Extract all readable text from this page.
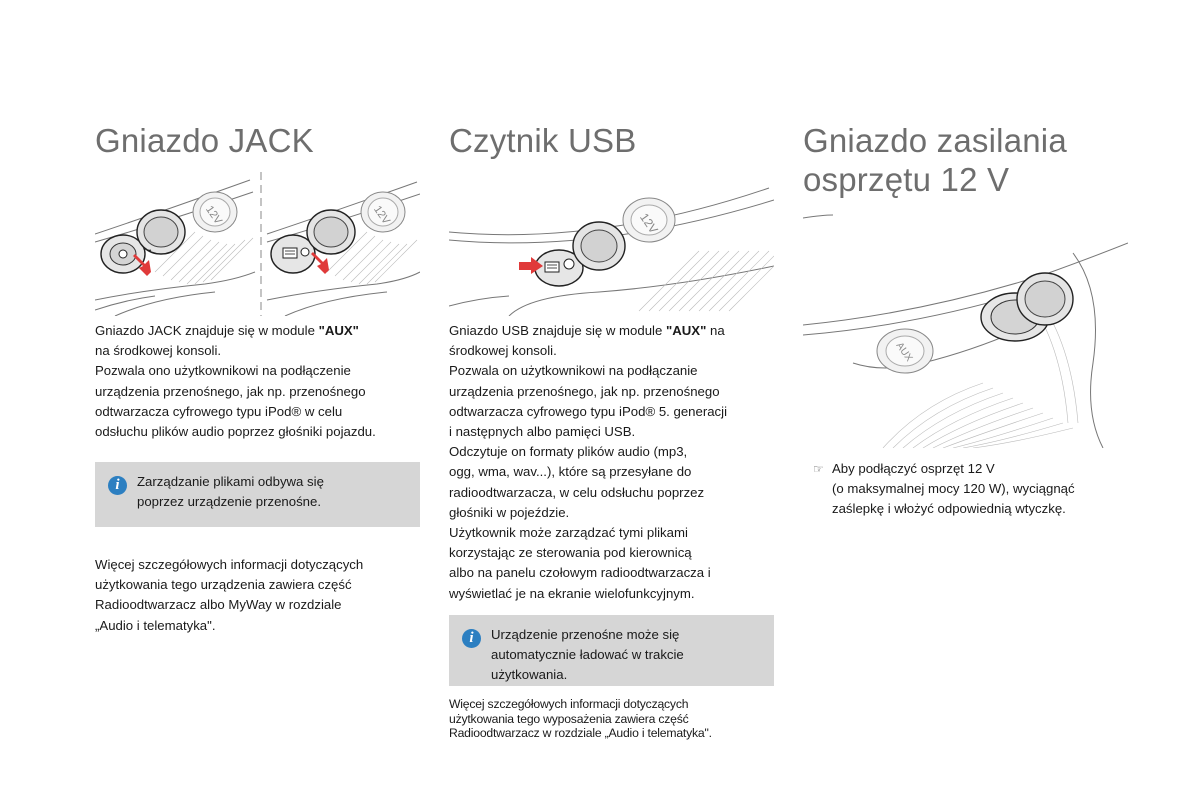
Gniazdo JACK
12V	12V
Gniazdo JACK znajduje się w module "AUX"
na środkowej konsoli.
Pozwala ono użytkownikowi na podłączenie
urządzenia przenośnego, jak np. przenośnego
odtwarzacza cyfrowego typu iPod® w celu
odsłuchu plików audio poprzez głośniki pojazdu.
i	Zarządzanie plikami odbywa się
poprzez urządzenie przenośne.
Więcej szczegółowych informacji dotyczących
użytkowania tego urządzenia zawiera część
Radioodtwarzacz albo MyWay w rozdziale
„Audio i telematyka".
Czytnik USB
12V
Gniazdo USB znajduje się w module "AUX" na
środkowej konsoli.
Pozwala on użytkownikowi na podłączanie
urządzenia przenośnego, jak np. przenośnego
odtwarzacza cyfrowego typu iPod® 5. generacji
i następnych albo pamięci USB.
Odczytuje on formaty plików audio (mp3,
ogg, wma, wav...), które są przesyłane do
radioodtwarzacza, w celu odsłuchu poprzez
głośniki w pojeździe.
Użytkownik może zarządzać tymi plikami
korzystając ze sterowania pod kierownicą
albo na panelu czołowym radioodtwarzacza i
wyświetlać je na ekranie wielofunkcyjnym.
i	Urządzenie przenośne może się
automatycznie ładować w trakcie
użytkowania.
Więcej szczegółowych informacji dotyczących
użytkowania tego wyposażenia zawiera część
Radioodtwarzacz w rozdziale „Audio i telematyka".
Gniazdo zasilania
osprzętu 12 V
AUX
☞ Aby podłączyć osprzęt 12 V
(o maksymalnej mocy 120 W), wyciągnąć
zaślepkę i włożyć odpowiednią wtyczkę.
